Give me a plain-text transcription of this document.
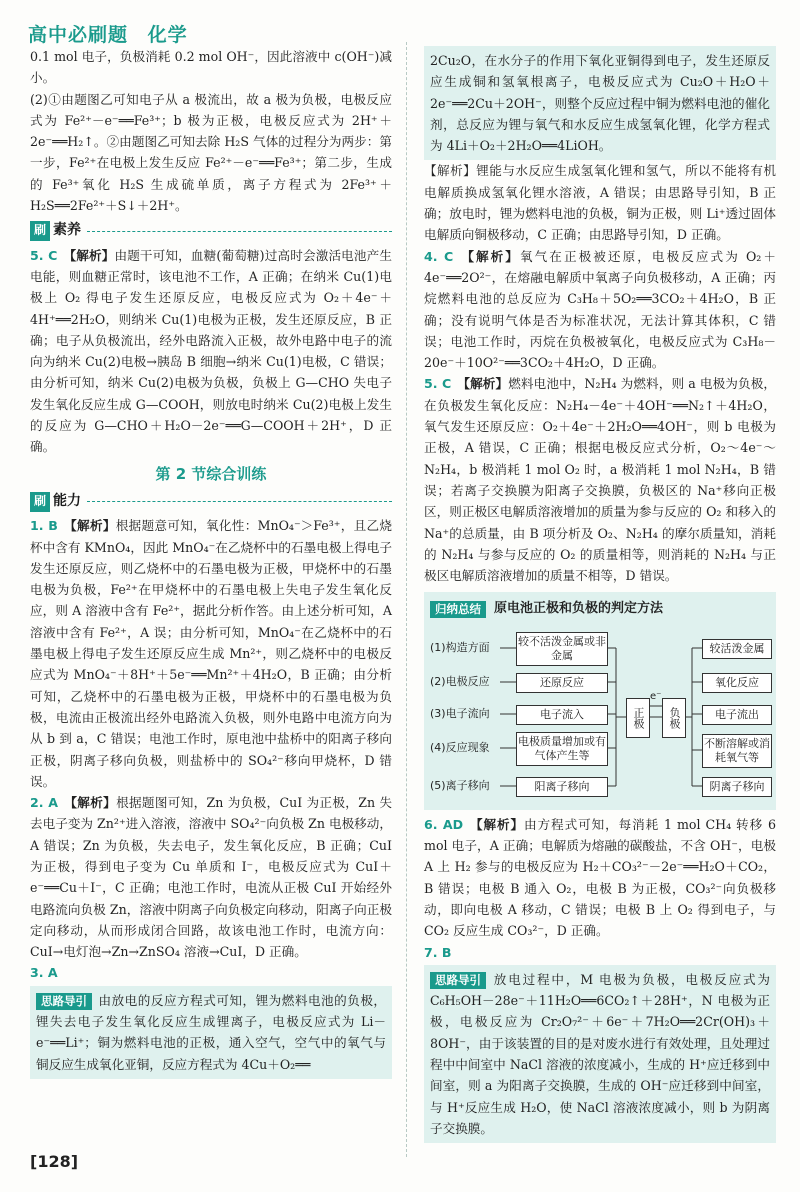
高中必刷题 化学

0.1 mol 电子，负极消耗 0.2 mol OH⁻，因此溶液中 c(OH⁻)减小。

(2)①由题图乙可知电子从 a 极流出，故 a 极为负极，电极反应式为 Fe²⁺－e⁻══Fe³⁺；b 极为正极，电极反应式为 2H⁺＋2e⁻══H₂↑。②由题图乙可知去除 H₂S 气体的过程分为两步：第一步，Fe²⁺在电极上发生反应 Fe²⁺－e⁻══Fe³⁺；第二步，生成的 Fe³⁺氧化 H₂S 生成硫单质，离子方程式为 2Fe³⁺＋H₂S══2Fe²⁺＋S↓＋2H⁺。

刷 素养

5. C 【解析】由题干可知，血糖(葡萄糖)过高时会激活电池产生电能，则血糖正常时，该电池不工作，A 正确；在纳米 Cu(1)电极上 O₂ 得电子发生还原反应，电极反应式为 O₂＋4e⁻＋4H⁺══2H₂O，则纳米 Cu(1)电极为正极，发生还原反应，B 正确；电子从负极流出，经外电路流入正极，故外电路中电子的流向为纳米 Cu(2)电极→胰岛 B 细胞→纳米 Cu(1)电极，C 错误；由分析可知，纳米 Cu(2)电极为负极，负极上 G—CHO 失电子发生氧化反应生成 G—COOH，则放电时纳米 Cu(2)电极上发生的反应为 G—CHO＋H₂O－2e⁻══G—COOH＋2H⁺，D 正确。

第 2 节综合训练
刷 能力

1. B 【解析】根据题意可知，氧化性：MnO₄⁻＞Fe³⁺，且乙烧杯中含有 KMnO₄，因此 MnO₄⁻在乙烧杯中的石墨电极上得电子发生还原反应，则乙烧杯中的石墨电极为正极，甲烧杯中的石墨电极为负极，Fe²⁺在甲烧杯中的石墨电极上失电子发生氧化反应，则 A 溶液中含有 Fe²⁺，据此分析作答。由上述分析可知，A 溶液中含有 Fe²⁺，A 误；由分析可知，MnO₄⁻在乙烧杯中的石墨电极上得电子发生还原反应生成 Mn²⁺，则乙烧杯中的电极反应式为 MnO₄⁻＋8H⁺＋5e⁻══Mn²⁺＋4H₂O，B 正确；由分析可知，乙烧杯中的石墨电极为正极，甲烧杯中的石墨电极为负极，电流由正极流出经外电路流入负极，则外电路中电流方向为从 b 到 a，C 错误；电池工作时，原电池中盐桥中的阳离子移向正极，阴离子移向负极，则盐桥中的 SO₄²⁻移向甲烧杯，D 错误。

2. A 【解析】根据题图可知，Zn 为负极，CuI 为正极，Zn 失去电子变为 Zn²⁺进入溶液，溶液中 SO₄²⁻向负极 Zn 电极移动，A 错误；Zn 为负极，失去电子，发生氧化反应，B 正确；CuI 为正极，得到电子变为 Cu 单质和 I⁻，电极反应式为 CuI＋e⁻══Cu＋I⁻，C 正确；电池工作时，电流从正极 CuI 开始经外电路流向负极 Zn，溶液中阴离子向负极定向移动，阳离子向正极定向移动，从而形成闭合回路，故该电池工作时，电流方向：CuI→电灯泡→Zn→ZnSO₄ 溶液→CuI，D 正确。

3. A

思路导引 由放电的反应方程式可知，锂为燃料电池的负极，锂失去电子发生氧化反应生成锂离子，电极反应式为 Li－e⁻══Li⁺；铜为燃料电池的正极，通入空气，空气中的氧气与铜反应生成氧化亚铜，反应方程式为 4Cu＋O₂══
2Cu₂O，在水分子的作用下氧化亚铜得到电子，发生还原反应生成铜和氢氧根离子，电极反应式为 Cu₂O＋H₂O＋2e⁻══2Cu＋2OH⁻，则整个反应过程中铜为燃料电池的催化剂，总反应为锂与氧气和水反应生成氢氧化锂，化学方程式为 4Li＋O₂＋2H₂O══4LiOH。

【解析】锂能与水反应生成氢氧化锂和氢气，所以不能将有机电解质换成氢氧化锂水溶液，A 错误；由思路导引知，B 正确；放电时，锂为燃料电池的负极，铜为正极，则 Li⁺透过固体电解质向铜极移动，C 正确；由思路导引知，D 正确。

4. C 【解析】氧气在正极被还原，电极反应式为 O₂＋4e⁻══2O²⁻，在熔融电解质中氧离子向负极移动，A 正确；丙烷燃料电池的总反应为 C₃H₈＋5O₂══3CO₂＋4H₂O，B 正确；没有说明气体是否为标准状况，无法计算其体积，C 错误；电池工作时，丙烷在负极被氧化，电极反应式为 C₃H₈－20e⁻＋10O²⁻══3CO₂＋4H₂O，D 正确。

5. C 【解析】燃料电池中，N₂H₄ 为燃料，则 a 电极为负极，在负极发生氧化反应：N₂H₄－4e⁻＋4OH⁻══N₂↑＋4H₂O，氧气发生还原反应：O₂＋4e⁻＋2H₂O══4OH⁻，则 b 电极为正极，A 错误，C 正确；根据电极反应式分析，O₂～4e⁻～N₂H₄，b 极消耗 1 mol O₂ 时，a 极消耗 1 mol N₂H₄，B 错误；若离子交换膜为阳离子交换膜，负极区的 Na⁺移向正极区，则正极区电解质溶液增加的质量为参与反应的 O₂ 和移入的 Na⁺的总质量，由 B 项分析及 O₂、N₂H₄ 的摩尔质量知，消耗的 N₂H₄ 与参与反应的 O₂ 的质量相等，则消耗的 N₂H₄ 与正极区电解质溶液增加的质量不相等，D 错误。

归纳总结	原电池正极和负极的判定方法
(1)构造方面
(2)电极反应
(3)电子流向
(4)反应现象
(5)离子移向
较不活泼金属或非金属
还原反应
电子流入
电极质量增加或有气体产生等
阳离子移向
正极
e⁻
负极
较活泼金属
氧化反应
电子流出
不断溶解或消耗氧气等
阴离子移向

6. AD 【解析】由方程式可知，每消耗 1 mol CH₄ 转移 6 mol 电子，A 正确；电解质为熔融的碳酸盐，不含 OH⁻，电极 A 上 H₂ 参与的电极反应为 H₂＋CO₃²⁻－2e⁻══H₂O＋CO₂，B 错误；电极 B 通入 O₂，电极 B 为正极，CO₃²⁻向负极移动，即向电极 A 移动，C 错误；电极 B 上 O₂ 得到电子，与 CO₂ 反应生成 CO₃²⁻，D 正确。

7. B

思路导引 放电过程中，M 电极为负极，电极反应式为 C₆H₅OH－28e⁻＋11H₂O══6CO₂↑＋28H⁺，N 电极为正极，电极反应为 Cr₂O₇²⁻＋6e⁻＋7H₂O══2Cr(OH)₃＋8OH⁻，由于该装置的目的是对废水进行有效处理，且处理过程中中间室中 NaCl 溶液的浓度减小，生成的 H⁺应迁移到中间室，则 a 为阳离子交换膜，生成的 OH⁻应迁移到中间室，与 H⁺反应生成 H₂O，使 NaCl 溶液浓度减小，则 b 为阴离子交换膜。
[128]
